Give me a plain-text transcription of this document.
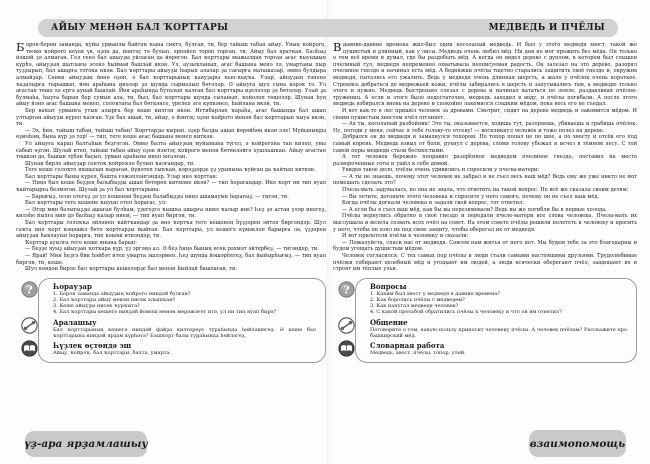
АЙЫУ МЕНӘН БАЛ ҠОРТТАРЫ	МЕДВЕДЬ И ПЧЁЛЫ

Борон-борон заманда, ҡуйы урманлы байтаҡ ҡына сиктә, булған, ти, бер тайыш табан айыу. Уның ҡойрого, төлкө ҡойрого кеүек үк, оҙон да, йәнтәҫ тә булып, әрпәйеп тороп торған, ти. Айыу бал яратҡан. Балһыҙ йәшәй ҙә алмаған. Гел генә бал ашауҙы уйлаған да йөрөгән. Бал ҡорттары мыжылдап торған ағас ҡыуышын күрһә, айыуҙың шатлығы эсенә һыймай башлай икән. Ул, аузыҡланып, ағас башына менә лә, умартаны пыр туҙҙырып, бал ашарға тотона икән. Бал ҡорттары айыуҙы һырып алалар ҙа сағырға маташалар, әммә булдыра алмайҙар. Сөнки айыуҙың йөнө оҙон, ә бал ҡорттарының ҡаяуҙары ҡып-ҡыҫҡа. Улар, айыуҙың тәненә ҡаҙалырға тырышып, йөн араһына инәләр ҙә шунда сырмалып бөтәләр. Ә айыуға шул ғына кәрәк тә. Ул ағастан төшә лә ергә аунай башлай. Йөн араһында буталып ҡалған бал ҡорттары иҙеләләр ҙә бөтәләр. Улай ҙа булмаһа, һыуға барып бер сумып ала, ти, был, бал ҡорттары шунда сыланып, ҡойолоп төшәләр. Шунан һуң айыу йәнә ағас башына менеп, солоҡтағы бал бөткәнсе, үрелеп эсе күпкәнсе, һыйлана икән, ти.

Бер ваҡыт урманға утын алырға бер кеше килгән икән. Иғтибарлап ҡараһа, ағас башында бал ашап ултырған айыуҙы күреп ҡалған. Үҙе бал ашай, ти, айыу, ә йәнтәҫ оҙон ҡойрого менән бал ҡорттарын ҡыуа икән, ти.

— Эх, һин, тайыш табан, тайыш табан! Ҡорттарҙы ҡырып, әҙер балды ашап йөрөйһөң икән әле! Муйыныңды өҙмәһәм, бына күр ҙә тор! — тип, теге кеше ағас башына менеп киткән.

Ул айыуға ҡарап балтаһын беҙгәгән. Әммә балта айыуҙың муйынына түгел, ә ҡойрогона тап килеп, уны сабып өҙгән. Шулай итеп, тайыш табан айыу оҙон йәнтәҫ ҡойрого менән бөтөнләйгә хушлашҡан. Айыу ағастан төшкән дә, башын түбән баҫып, урман араһына инеп юғалған.

Шунан бирле айыуҙар сонтоҡ ҡойроҡло булып ҡалғандар, ти.

Теге кеше солоҡто яҡшылап ҡараған, йүнәтеп сыҡҡан, кәрәҙҙәрҙе үҙ урынына ҡуйған да ҡайтып киткән.

Бал ҡорттары быны күреп, башта ғәжәпләнгәндәр. Улар инә ҡорттан:

— Ниңә был кеше беҙҙең балыбыҙҙы ашап бөтөрөп китмәне икән? — тип һорағандар. Инә ҡорт ни тип яуап ҡайтарырға белмәгән. Шулай ҙа ул бал ҡорттарына:

— Барығыҙ, осоп етегеҙ ҙә ул кешенән беҙҙең балыбыҙҙы ниңә ашамауын һорағыҙ, — тигән, ти.

Бал ҡорттары теге кешене ҡыуып етеп һорағас, ул:

— Әгәр мин балығыҙҙы ашаған булһам, үҙегеҙгә ҡышҡа ашарға нимә ҡалыр ине? Һеҙ ҙә астан үләр инегеҙ, киләһе йылға мин дә балһыҙ ҡалыр инем, — тип яуап биргән, ти.

Бал ҡорттары солоҡҡа әйләнеп ҡайтҡандар ҙа инә ҡортҡа теге кешенең һүҙҙәрен әйтеп биргәндәр. Шул саҡта инә ҡорт кәңәшкә бөтә ҡорттарҙы йыйған. Бал ҡорттары, ул кешегә күмәкләп барырға ла, үҙҙәрен айыуҙан һаҡлауын һорарға, тип кәңәш иткәндәр, ти.

Ҡорттар ауылға теге кеше янына барып:

— Беҙҙе яуыҙ айыуҙан ҡотҡара күр, үҙ эргәңә ал. Ә беҙ һиңә бының өсөн рәхмәт әйтербеҙ, — тигәндәр, ти.

— Ярай! Мин һеҙгә бик һәйбәт итеп умарта эшләрмен. Һеҙ шунда йәшәрһегеҙ, бал йыйырһығыҙ, — тип яуап биргән, ти, кеше.

Шул көндән бирле бал ҡорттары кешеләрҙе бал менән һыйлай башлаған, ти.

?	Һорауҙар

1. Борон заманда айыуҙың ҡойрого ниндәй булған?

2. Бал ҡорттары айыу менән нисек алышҡан?

3. Кеше айыуҙы нисек ҡурҡыта?

4. Бал ҡорттары кешегә ниндәй йомош менән мөрәжәғәт итә, ул ни тип яуап бирә?

Аралашыу

Бал ҡорттарының кешегә ниндәй файҙа килтереүе тураһында һөйләшегеҙ. Ә кеше бал ҡорттарына ниндәй ярҙам күрһәтә? Башҡорт балы тураһында һөйләгеҙ.

Һүҙлек өҫтөндә эш

Айыу, ҡойроҡ, бал ҡорттары, балта, умарта.

Вдавние-давние времена жил-был один косолапый медведь. И был у этого медведя хвост, такой же пушистый и длинный, как у лисы. Медведь очень любил мёд. Ни дня не мог прожить без мёда. Он только о том всё время и думал, где бы раздобыть мёд. А когда он видел дерево с дуплом, в котором был слышен пчелиный гул, медведя непременно охватывала неописуемая радость. Он залезал на это дерево, разорял пчелиное гнездо и начинал есть мёд. А бедняжки пчёлы тщетно старались защитить своё гнездо и, окружив медведя, пытались его ужалить. Ведь у медведя очень длинная шерсть, а жало у пчёлок очень короткое. Стремясь добраться до медвежьей кожи, пчёлы забирались в шерсть и запутывались там, а медведю только этого и нужно. Медведь быстренько слезал с дерева и начинал кататься по земле, раздавливая пчёлок-тружениц. А если и этого было недостаточно, медведь заходил в воду, и пчёлы погибали. А после этого медведь взбирался вновь на дерево и спокойно лакомился сладким мёдом, пока весь его не съедал.

И вот как-то в лес пришёл человек за дровами. Смотрит, сидит на дереве медведь и лакомится мёдом. И своим пушистым хвостом пчёл отгоняет.

— Ах ты, косолапый разбойник! Это ты, оказывается, ходишь тут, разоряешь, убиваешь и грабишь пчёлок. Ну, погоди у меня, сейчас я тебе голову-то отсеку! — воскликнул человек и тоже полез на дерево.

Добрался он до медведя и замахнулся топором. Но топор попал не по шее, а по хвосту и отсёк его под самый корень. Медведь взвыл от боли, рухнул с дерева, сломя голову убежал и исчез в тёмном лесу. С той самой поры медведи стали бесхвостыми.

А тот человек бережно поправил разорённое медведем пчелиное гнездо, поставил на место развороченные соты и ушёл к себе домой.

Увидев такое дело, пчёлы очень удивились и спросили у пчелы-матери:

— А ты не знаешь, почему этот человек не забрал и не съел весь наш мёд? Ведь ему же уже никто не мог помешать сделать это?

Пчела-мать задумалась, но она не знала, что ответить на такой вопрос. Но всё же сказала своим детям:

— Вы летите, догоните этого человека и спросите у него самого, почему он не съел наш мёд.

Когда пчёлы догнали человека и задали свой вопрос, тот ответил:

— А если бы я съел ваш мёд, как бы вы перезимовали? Ведь вы же погибли бы в первые холода.

Пчёлы вернулись обратно в своё гнездо и передали пчеле-матери все слова человека. Пчела-мать их выслушала и велела созвать всех пчёл на совет. На этом совете пчёлы решили полететь к человеку и просить у него, чтобы он взял их под свою защиту, чтобы оберегал их от медведя.

И вот прилетели пчёлы к человеку и сказали:

— Пожалуйста, спаси нас от медведя. Совсем нам житья от него нет. Мы будем тебе за это благодарны и будем угощать душистым мёдом.

Человек согласился. С тех самых пор пчёлы и люди стали самыми настоящими друзьями. Трудолюбивые пчёлки собирают целебный мёд и угощают им людей, а люди всячески оберегают пчёл, защищают их и строят им тёплые ульи.

?	Вопросы

1. Каким был хвост у медведя в давние времена?

2. Как боролись пчёлы с медведем?

3. Как напугал медведя человек?

4. С какой просьбой обратились пчёлы к человеку и что он им ответил?

Общение

Поговорите о том, какую пользу приносит человеку пчёлы. А человек пчёлам? Расскажите про башкирский мёд.

Словарная работа

Медведь, хвост, пчёлы, топор, улей.

үҙ-ара ярҙамлашыу	взаимопомощь
